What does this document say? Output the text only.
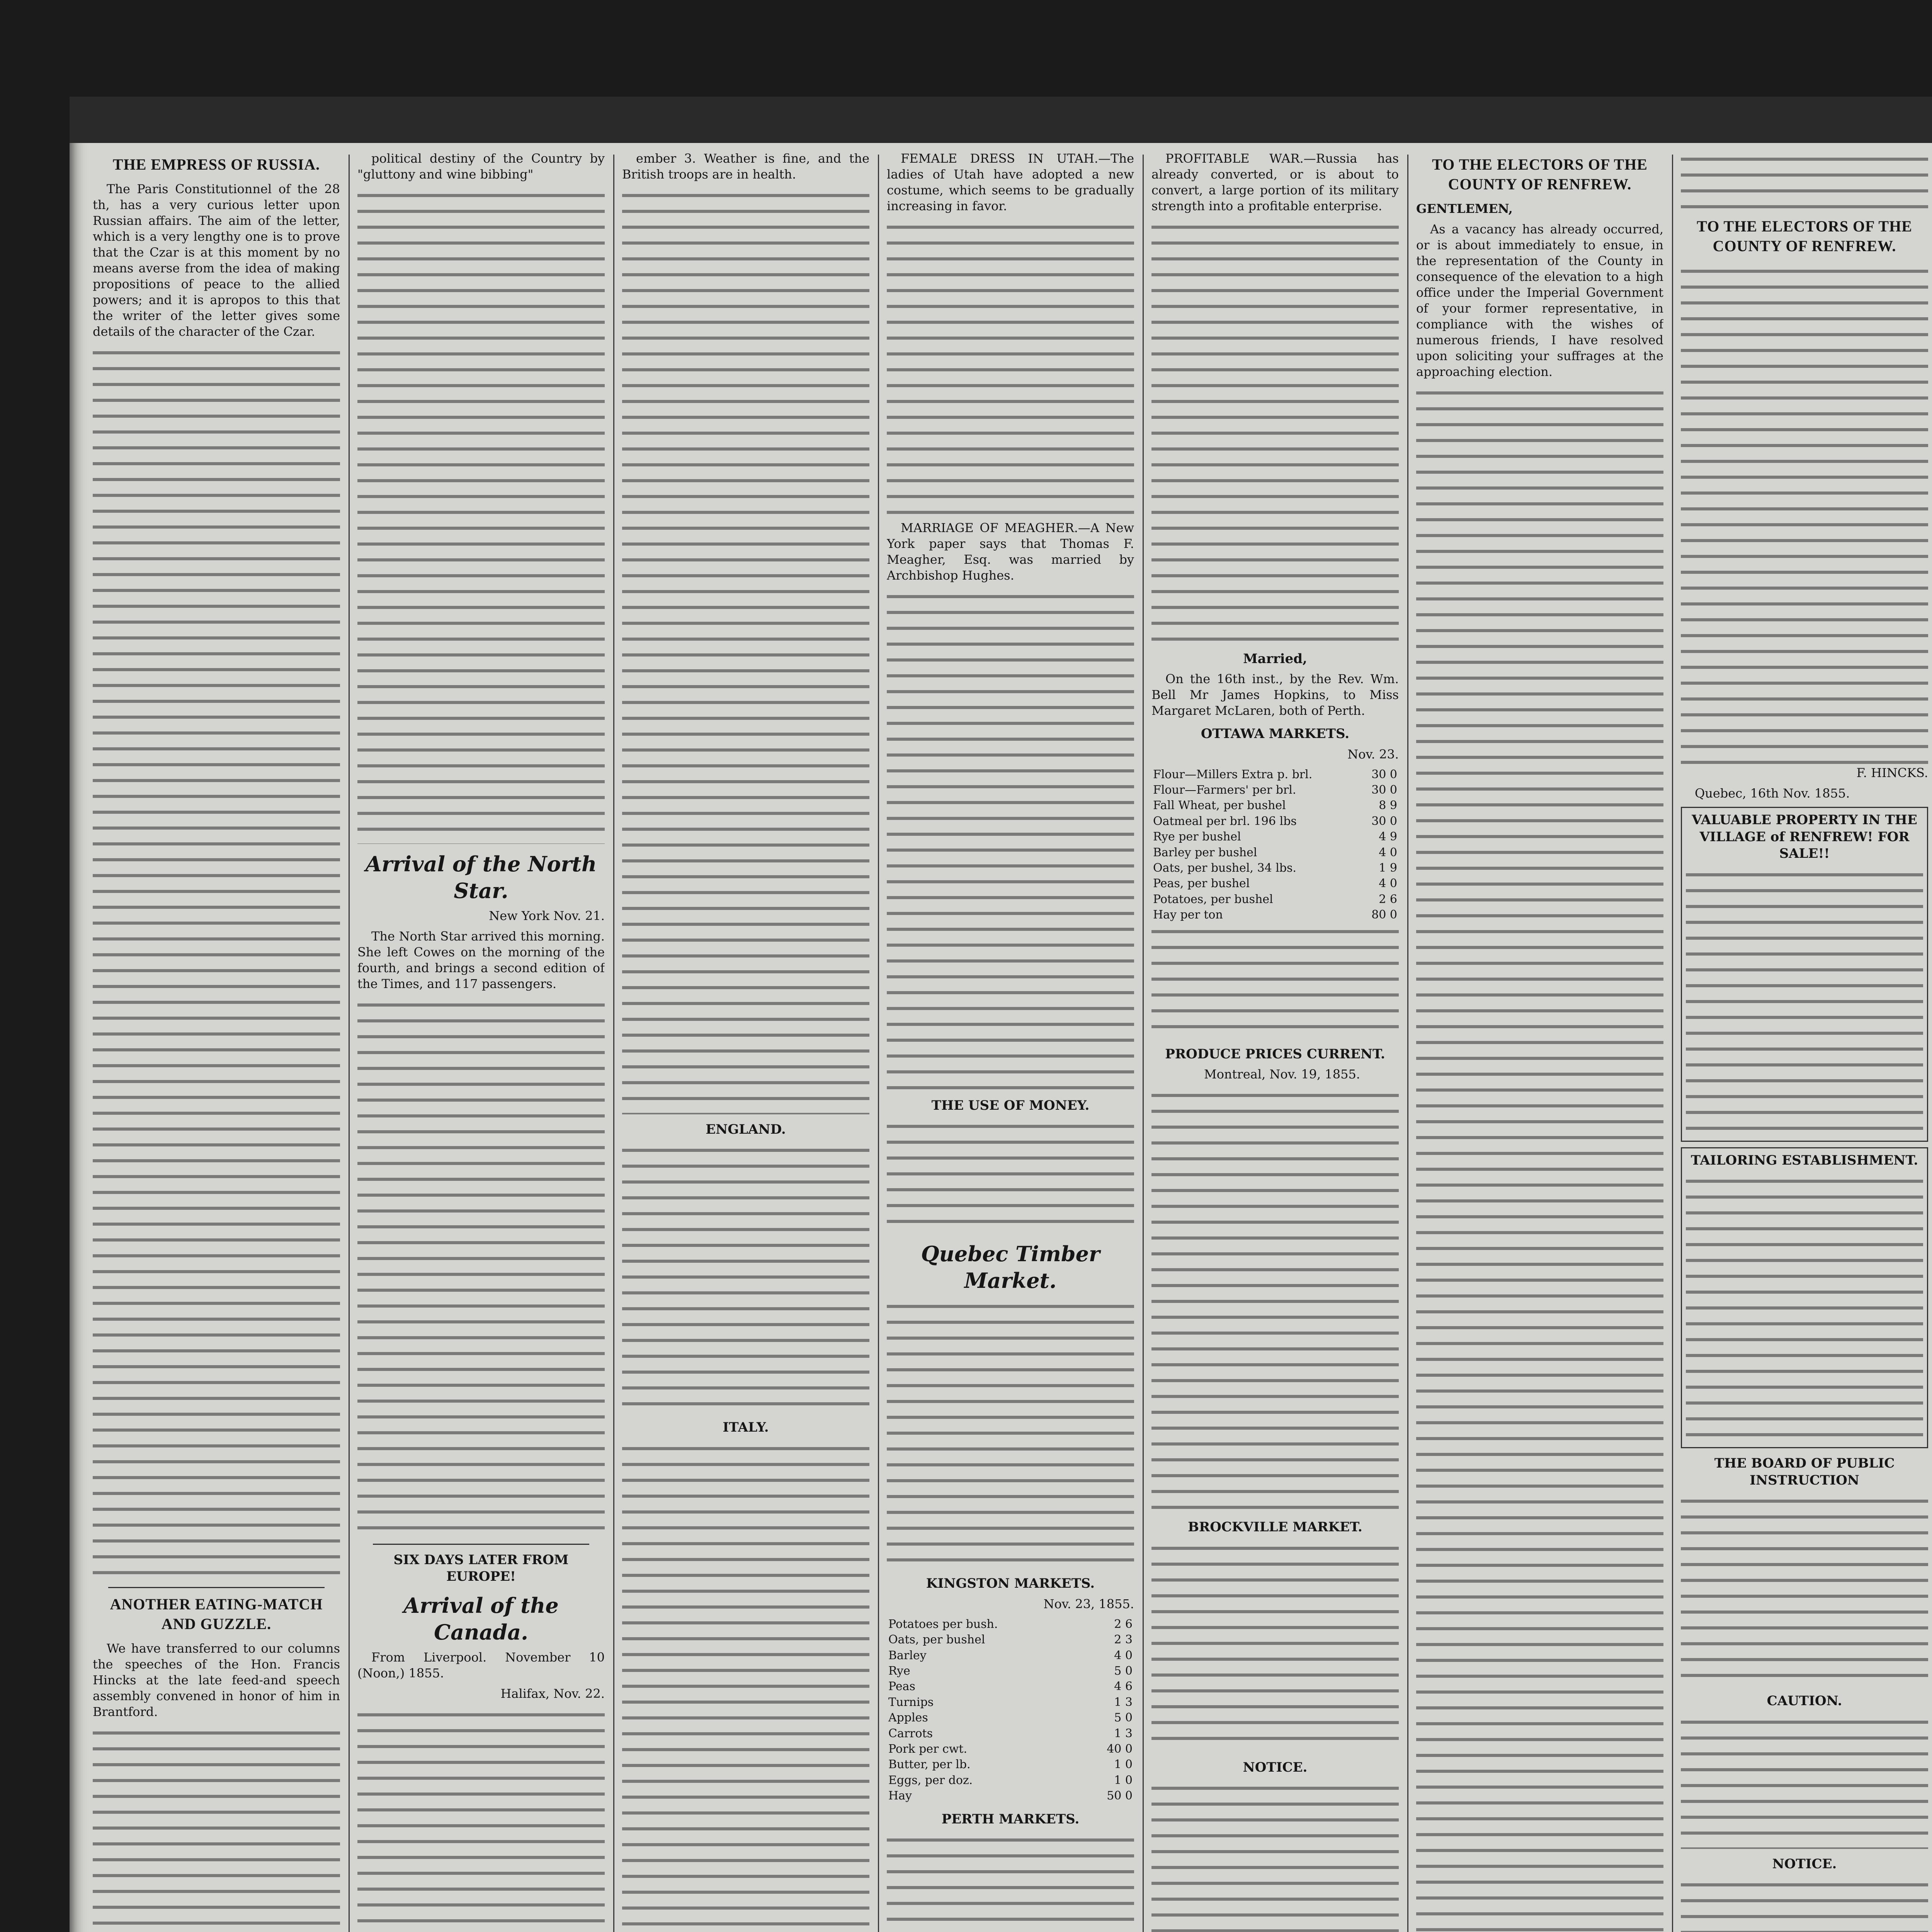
THE EMPRESS OF RUSSIA.

The Paris Constitutionnel of the 28 th, has a very curious letter upon Russian affairs. The aim of the letter, which is a very lengthy one is to prove that the Czar is at this moment by no means averse from the idea of making propositions of peace to the allied powers; and it is apropos to this that the writer of the letter gives some details of the character of the Czar.

ANOTHER EATING-MATCH AND GUZZLE.

We have transferred to our columns the speeches of the Hon. Francis Hincks at the late feed-and speech assembly convened in honor of him in Brantford.

political destiny of the Country by "gluttony and wine bibbing"

Arrival of the North Star.

New York Nov. 21.

The North Star arrived this morning. She left Cowes on the morning of the fourth, and brings a second edition of the Times, and 117 passengers.

SIX DAYS LATER FROM EUROPE!
Arrival of the Canada.

From Liverpool. November 10 (Noon,) 1855.

Halifax, Nov. 22.

ember 3. Weather is fine, and the British troops are in health.

ENGLAND.
ITALY.

FEMALE DRESS IN UTAH.—The ladies of Utah have adopted a new costume, which seems to be gradually increasing in favor.

MARRIAGE OF MEAGHER.—A New York paper says that Thomas F. Meagher, Esq. was married by Archbishop Hughes.

THE USE OF MONEY.
Quebec Timber Market.
KINGSTON MARKETS.

Nov. 23, 1855.

Potatoes per bush.	2 6
Oats, per bushel	2 3
Barley	4 0
Rye	5 0
Peas	4 6
Turnips	1 3
Apples	5 0
Carrots	1 3
Pork per cwt.	40 0
Butter, per lb.	1 0
Eggs, per doz.	1 0
Hay	50 0
PERTH MARKETS.

PROFITABLE WAR.—Russia has already converted, or is about to convert, a large portion of its military strength into a profitable enterprise.

Married,

On the 16th inst., by the Rev. Wm. Bell Mr James Hopkins, to Miss Margaret McLaren, both of Perth.

OTTAWA MARKETS.

Nov. 23.

Flour—Millers Extra p. brl.	30 0
Flour—Farmers' per brl.	30 0
Fall Wheat, per bushel	8 9
Oatmeal per brl. 196 lbs	30 0
Rye per bushel	4 9
Barley per bushel	4 0
Oats, per bushel, 34 lbs.	1 9
Peas, per bushel	4 0
Potatoes, per bushel	2 6
Hay per ton	80 0
PRODUCE PRICES CURRENT.

Montreal, Nov. 19, 1855.

BROCKVILLE MARKET.
NOTICE.
TO THE ELECTORS OF THE COUNTY OF RENFREW.

GENTLEMEN,

As a vacancy has already occurred, or is about immediately to ensue, in the representation of the County in consequence of the elevation to a high office under the Imperial Government of your former representative, in compliance with the wishes of numerous friends, I have resolved upon soliciting your suffrages at the approaching election.

TO THE ELECTORS OF THE COUNTY OF RENFREW.

F. HINCKS.

Quebec, 16th Nov. 1855.

VALUABLE PROPERTY IN THE VILLAGE of RENFREW! FOR SALE!!
TAILORING ESTABLISHMENT.
THE BOARD OF PUBLIC INSTRUCTION
CAUTION.
NOTICE.
